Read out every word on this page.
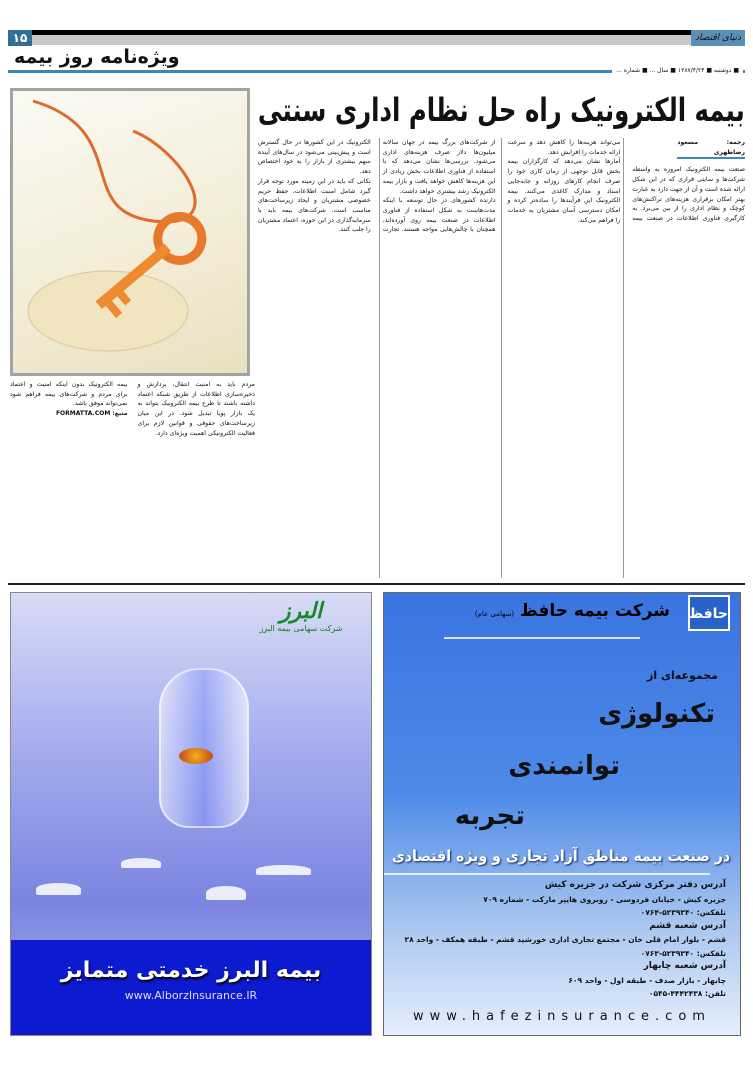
۱۵	دنیای اقتصاد
ویژه‌نامه روز بیمه
■ دوشنبه ■ ۱۳۸۷/۴/۲۴ ■ سال ... ■ شماره ...
بیمه الکترونیک راه حل نظام اداری سنتی
رجمه: مسعود رضاطهری

صنعت بیمه الکترونیک امروزه به واسطه شرکت‌ها و سایتی قراری که در این شکل ارائه شده است و آن از جهت دارد به عبارت بهتر امکان برقراری هزینه‌های تراکنش‌های کوچک و نظام اداری را از بین می‌برد. به کارگیری فناوری اطلاعات در صنعت بیمه می‌تواند هزینه‌ها را کاهش دهد و سرعت ارائه خدمات را افزایش دهد.

آمارها نشان می‌دهد که کارگزاران بیمه بخش قابل توجهی از زمان کاری خود را صرف انجام کارهای روزانه و جابه‌جایی اسناد و مدارک کاغذی می‌کنند. بیمه الکترونیک این فرآیندها را ساده‌تر کرده و امکان دسترسی آسان مشتریان به خدمات را فراهم می‌کند.

از شرکت‌های بزرگ بیمه در جهان سالانه میلیون‌ها دلار صرف هزینه‌های اداری می‌شود. بررسی‌ها نشان می‌دهد که با استفاده از فناوری اطلاعات بخش زیادی از این هزینه‌ها کاهش خواهد یافت و بازار بیمه الکترونیک رشد بیشتری خواهد داشت.

دارنده کشورهای در حال توسعه با اینکه مدت‌هاست به شکل استفاده از فناوری اطلاعات در صنعت بیمه روی آورده‌اند، همچنان با چالش‌هایی مواجه هستند. تجارت الکترونیک در این کشورها در حال گسترش است و پیش‌بینی می‌شود در سال‌های آینده سهم بیشتری از بازار را به خود اختصاص دهد.

نکاتی که باید در این زمینه مورد توجه قرار گیرد شامل امنیت اطلاعات، حفظ حریم خصوصی مشتریان و ایجاد زیرساخت‌های مناسب است. شرکت‌های بیمه باید با سرمایه‌گذاری در این حوزه، اعتماد مشتریان را جلب کنند.

مردم باید به امنیت انتقال، پردازش و ذخیره‌سازی اطلاعات از طریق شبکه اعتماد داشته باشند تا طرح بیمه الکترونیک بتواند به یک بازار پویا تبدیل شود. در این میان زیرساخت‌های حقوقی و قوانین لازم برای فعالیت الکترونیکی اهمیت ویژه‌ای دارد.

بیمه الکترونیک بدون اینکه امنیت و اعتماد برای مردم و شرکت‌های بیمه فراهم شود نمی‌تواند موفق باشد.

منبع: FORMATTA.COM

البرز
شرکت سهامی بیمه البرز
بیمه البرز خدمتی متمایز
www.AlborzInsurance.IR
حافظ
شرکت بیمه حافظ (سهامی عام)
مجموعه‌ای از
تکنولوژی
توانمندی
تجربه
در صنعت بیمه مناطق آزاد تجاری و ویژه اقتصادی
آدرس دفتر مرکزی شرکت در جزیره کیش
جزیره کیش - خیابان فردوسی - روبروی هایپر مارکت - شماره ۷۰۹
تلفکس: ۵۲۳۹۳۴۰-۰۷۶۴
آدرس شعبه قشم
قشم - بلوار امام قلی خان - مجتمع تجاری اداری خورشید قشم - طبقه همکف - واحد ۲۸
تلفکس: ۵۲۳۹۳۴۰-۰۷۶۳
آدرس شعبه چابهار
چابهار - بازار صدف - طبقه اول - واحد ۶۰۹
تلفن: ۴۴۴۲۴۳۸-۰۵۴۵
www.hafezinsurance.com
